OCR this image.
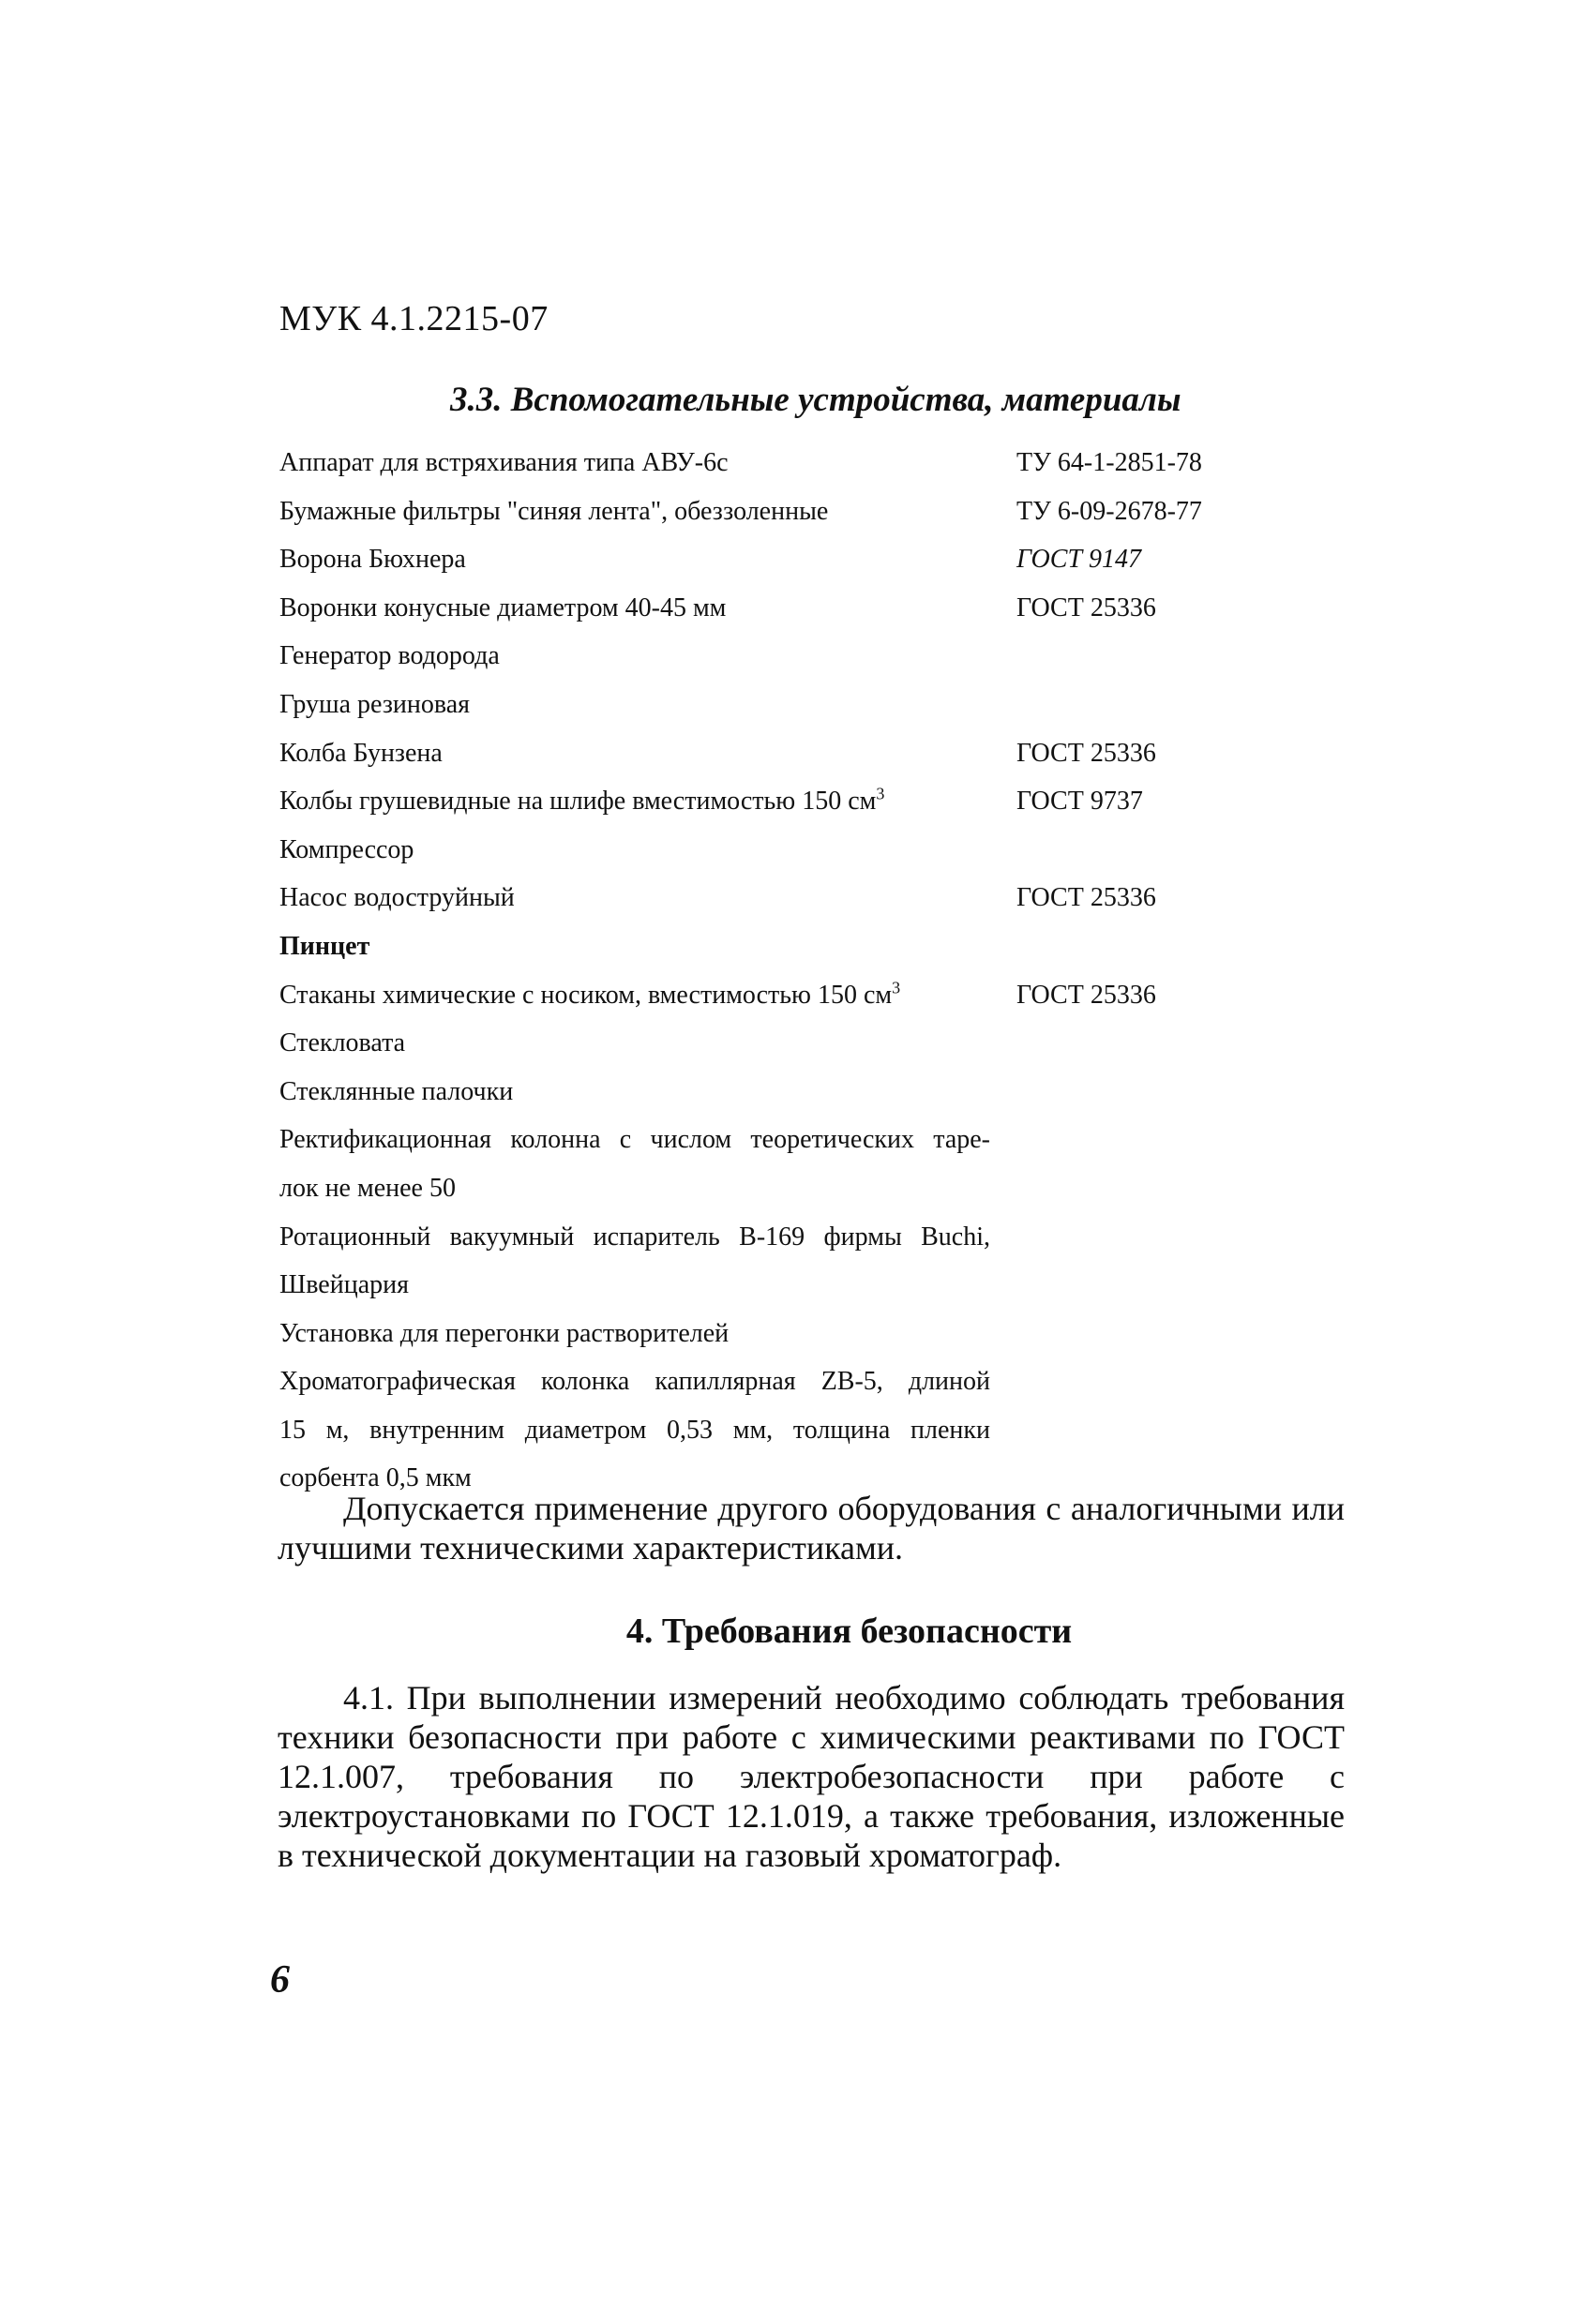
МУК 4.1.2215-07
3.3. Вспомогательные устройства, материалы
Аппарат для встряхивания типа АВУ-6с	ТУ 64-1-2851-78
Бумажные фильтры "синяя лента", обеззоленные	ТУ 6-09-2678-77
Ворона Бюхнера	ГОСТ 9147
Воронки конусные диаметром 40-45 мм	ГОСТ 25336
Генератор водорода
Груша резиновая
Колба Бунзена	ГОСТ 25336
Колбы грушевидные на шлифе вместимостью 150 $см^3$	ГОСТ 9737
Компрессор
Насос водоструйный	ГОСТ 25336
Пинцет
Стаканы химические с носиком, вместимостью 150 $см^3$	ГОСТ 25336
Стекловата
Стеклянные палочки
Ректификационная колонна с числом теоретических таре-
лок не менее 50
Ротационный вакуумный испаритель В-169 фирмы Buchi,
Швейцария
Установка для перегонки растворителей
Хроматографическая колонка капиллярная ZB-5, длиной
15 м, внутренним диаметром 0,53 мм, толщина пленки
сорбента 0,5 мкм
Допускается применение другого оборудования с аналогичными или лучшими техническими характеристиками.
4. Требования безопасности
4.1. При выполнении измерений необходимо соблюдать требования техники безопасности при работе с химическими реактивами по ГОСТ 12.1.007, требования по электробезопасности при работе с электроустановками по ГОСТ 12.1.019, а также требования, изложенные в технической документации на газовый хроматограф.
6
